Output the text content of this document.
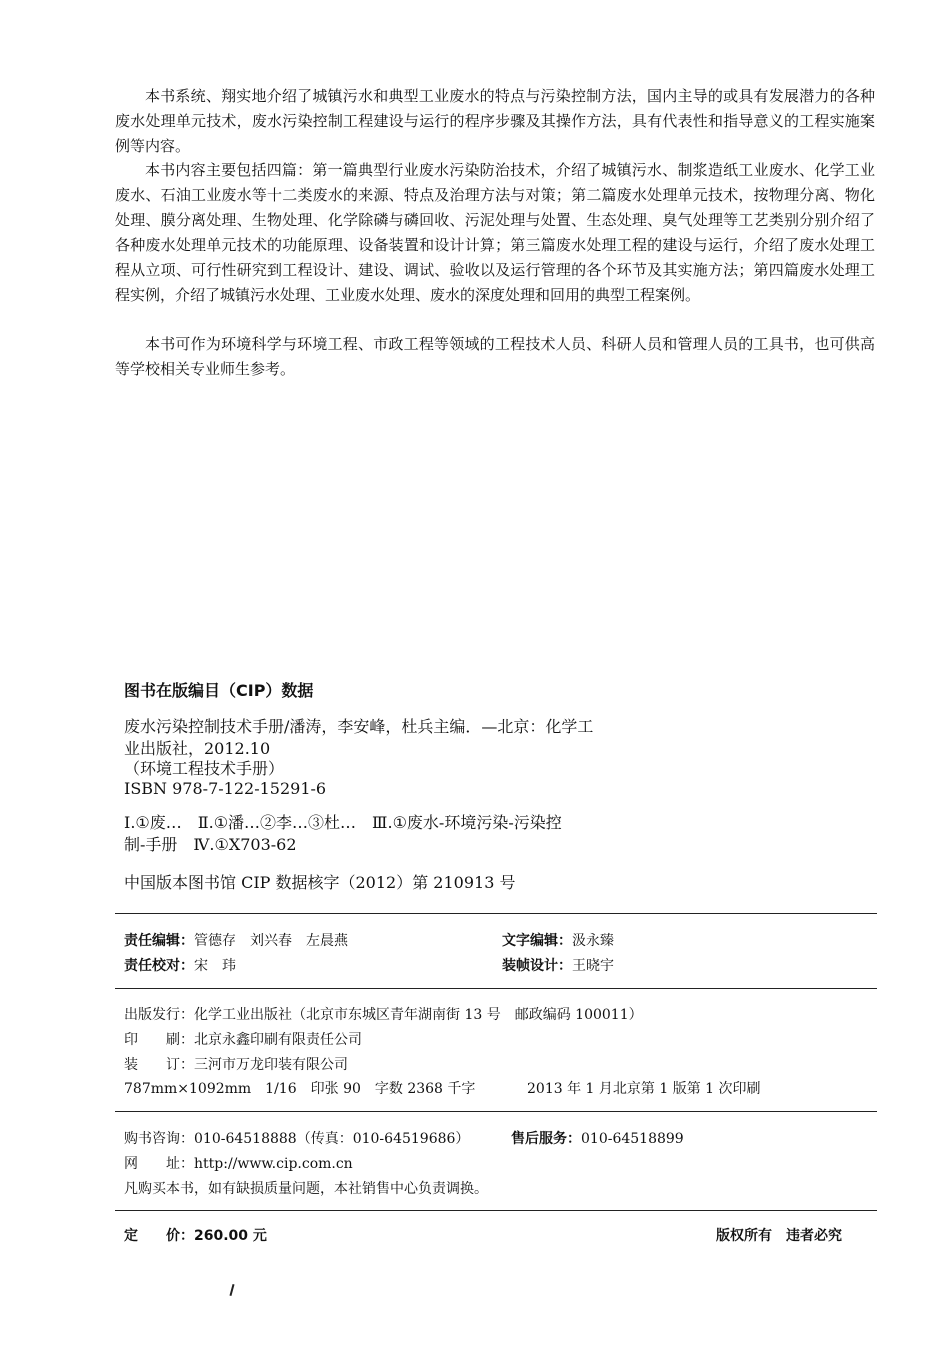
本书系统、翔实地介绍了城镇污水和典型工业废水的特点与污染控制方法，国内主导的或具有发展潜力的各种废水处理单元技术，废水污染控制工程建设与运行的程序步骤及其操作方法，具有代表性和指导意义的工程实施案例等内容。

本书内容主要包括四篇：第一篇典型行业废水污染防治技术，介绍了城镇污水、制浆造纸工业废水、化学工业废水、石油工业废水等十二类废水的来源、特点及治理方法与对策；第二篇废水处理单元技术，按物理分离、物化处理、膜分离处理、生物处理、化学除磷与磷回收、污泥处理与处置、生态处理、臭气处理等工艺类别分别介绍了各种废水处理单元技术的功能原理、设备装置和设计计算；第三篇废水处理工程的建设与运行，介绍了废水处理工程从立项、可行性研究到工程设计、建设、调试、验收以及运行管理的各个环节及其实施方法；第四篇废水处理工程实例，介绍了城镇污水处理、工业废水处理、废水的深度处理和回用的典型工程案例。

本书可作为环境科学与环境工程、市政工程等领域的工程技术人员、科研人员和管理人员的工具书，也可供高等学校相关专业师生参考。

图书在版编目（CIP）数据
废水污染控制技术手册/潘涛，李安峰，杜兵主编．—北京：化学工
业出版社，2012.10
（环境工程技术手册）
ISBN 978-7-122-15291-6
Ⅰ.①废…　Ⅱ.①潘…②李…③杜…　Ⅲ.①废水-环境污染-污染控
制-手册　Ⅳ.①X703-62
中国版本图书馆 CIP 数据核字（2012）第 210913 号
责任编辑：管德存　刘兴春　左晨燕	文字编辑：汲永臻
责任校对：宋　玮	装帧设计：王晓宇
出版发行：化学工业出版社（北京市东城区青年湖南街 13 号　邮政编码 100011）
印　　刷：北京永鑫印刷有限责任公司
装　　订：三河市万龙印装有限公司
787mm×1092mm　1/16　印张 90　字数 2368 千字	2013 年 1 月北京第 1 版第 1 次印刷
购书咨询：010-64518888（传真：010-64519686）	售后服务：010-64518899
网　　址：http://www.cip.com.cn
凡购买本书，如有缺损质量问题，本社销售中心负责调换。
定　　价：260.00 元	版权所有　违者必究
